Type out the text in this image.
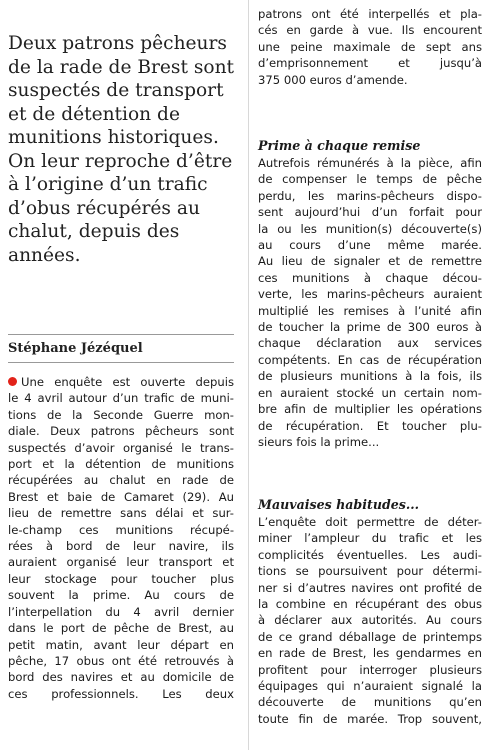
Deux patrons pêcheurs
de la rade de Brest sont
suspectés de transport
et de détention de
munitions historiques.
On leur reproche d’être
à l’origine d’un trafic
d’obus récupérés au
chalut, depuis des
années.
Stéphane Jézéquel
Une enquête est ouverte depuis
le 4 avril autour d’un trafic de muni-
tions de la Seconde Guerre mon-
diale. Deux patrons pêcheurs sont
suspectés d’avoir organisé le trans-
port et la détention de munitions
récupérées au chalut en rade de
Brest et baie de Camaret (29). Au
lieu de remettre sans délai et sur-
le-champ ces munitions récupé-
rées à bord de leur navire, ils
auraient organisé leur transport et
leur stockage pour toucher plus
souvent la prime. Au cours de
l’interpellation du 4 avril dernier
dans le port de pêche de Brest, au
petit matin, avant leur départ en
pêche, 17 obus ont été retrouvés à
bord des navires et au domicile de
ces professionnels. Les deux
patrons ont été interpellés et pla-
cés en garde à vue. Ils encourent
une peine maximale de sept ans
d’emprisonnement et jusqu’à
375 000 euros d’amende.
Prime à chaque remise
Autrefois rémunérés à la pièce, afin
de compenser le temps de pêche
perdu, les marins-pêcheurs dispo-
sent aujourd’hui d’un forfait pour
la ou les munition(s) découverte(s)
au cours d’une même marée.
Au lieu de signaler et de remettre
ces munitions à chaque décou-
verte, les marins-pêcheurs auraient
multiplié les remises à l’unité afin
de toucher la prime de 300 euros à
chaque déclaration aux services
compétents. En cas de récupération
de plusieurs munitions à la fois, ils
en auraient stocké un certain nom-
bre afin de multiplier les opérations
de récupération. Et toucher plu-
sieurs fois la prime...
Mauvaises habitudes...
L’enquête doit permettre de déter-
miner l’ampleur du trafic et les
complicités éventuelles. Les audi-
tions se poursuivent pour détermi-
ner si d’autres navires ont profité de
la combine en récupérant des obus
à déclarer aux autorités. Au cours
de ce grand déballage de printemps
en rade de Brest, les gendarmes en
profitent pour interroger plusieurs
équipages qui n’auraient signalé la
découverte de munitions qu’en
toute fin de marée. Trop souvent,
